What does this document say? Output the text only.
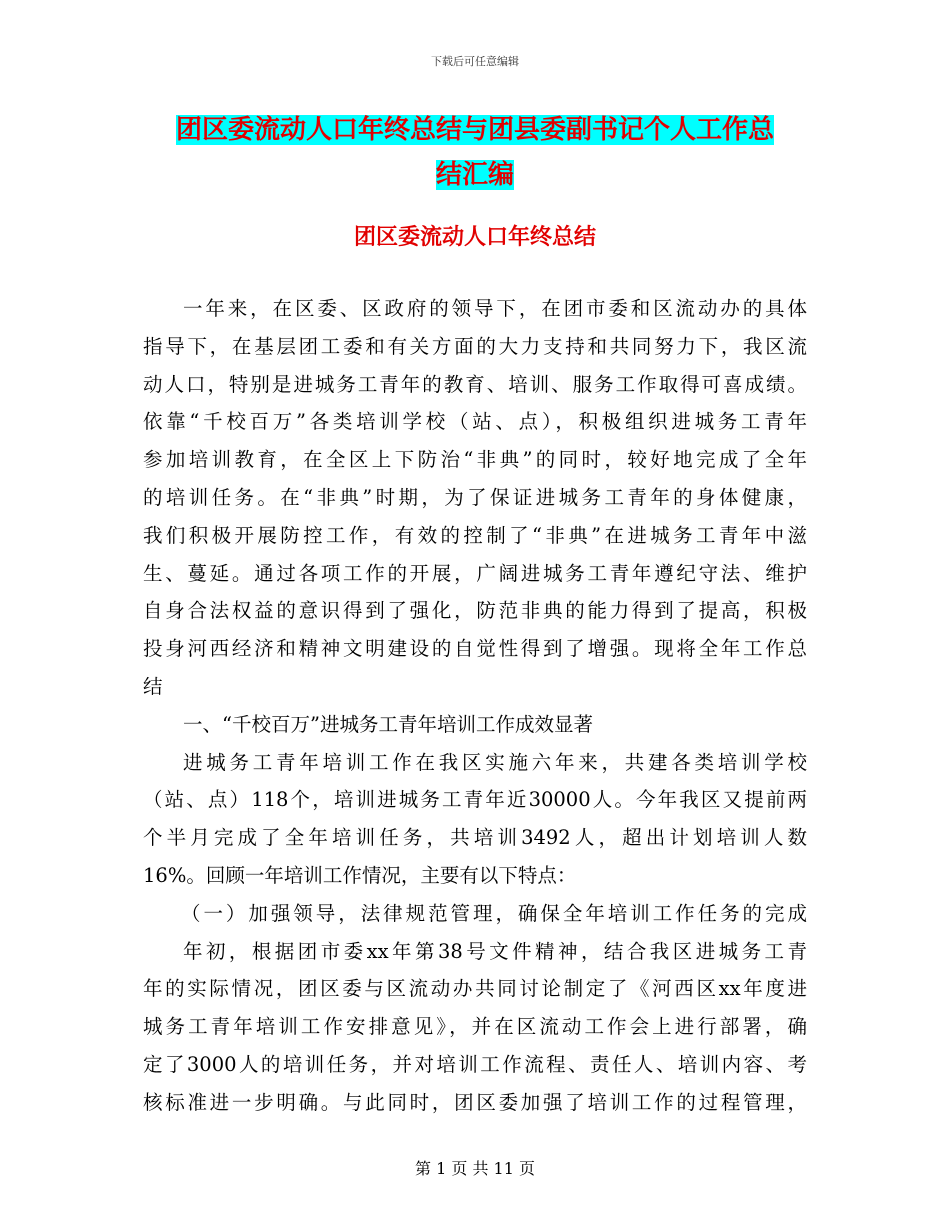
下载后可任意编辑
团区委流动人口年终总结与团县委副书记个人工作总
结汇编
团区委流动人口年终总结
一年来，在区委、区政府的领导下，在团市委和区流动办的具体
指导下，在基层团工委和有关方面的大力支持和共同努力下，我区流
动人口，特别是进城务工青年的教育、培训、服务工作取得可喜成绩。
依靠“千校百万”各类培训学校（站、点），积极组织进城务工青年
参加培训教育，在全区上下防治“非典”的同时，较好地完成了全年
的培训任务。在“非典”时期，为了保证进城务工青年的身体健康，
我们积极开展防控工作，有效的控制了“非典”在进城务工青年中滋
生、蔓延。通过各项工作的开展，广阔进城务工青年遵纪守法、维护
自身合法权益的意识得到了强化，防范非典的能力得到了提高，积极
投身河西经济和精神文明建设的自觉性得到了增强。现将全年工作总
结
一、“千校百万”进城务工青年培训工作成效显著
进城务工青年培训工作在我区实施六年来，共建各类培训学校
（站、点）118个，培训进城务工青年近30000人。今年我区又提前两
个半月完成了全年培训任务，共培训3492人，超出计划培训人数
16%。回顾一年培训工作情况，主要有以下特点：
（一）加强领导，法律规范管理，确保全年培训工作任务的完成
年初，根据团市委xx年第38号文件精神，结合我区进城务工青
年的实际情况，团区委与区流动办共同讨论制定了《河西区xx年度进
城务工青年培训工作安排意见》，并在区流动工作会上进行部署，确
定了3000人的培训任务，并对培训工作流程、责任人、培训内容、考
核标准进一步明确。与此同时，团区委加强了培训工作的过程管理，
第 1 页 共 11 页
